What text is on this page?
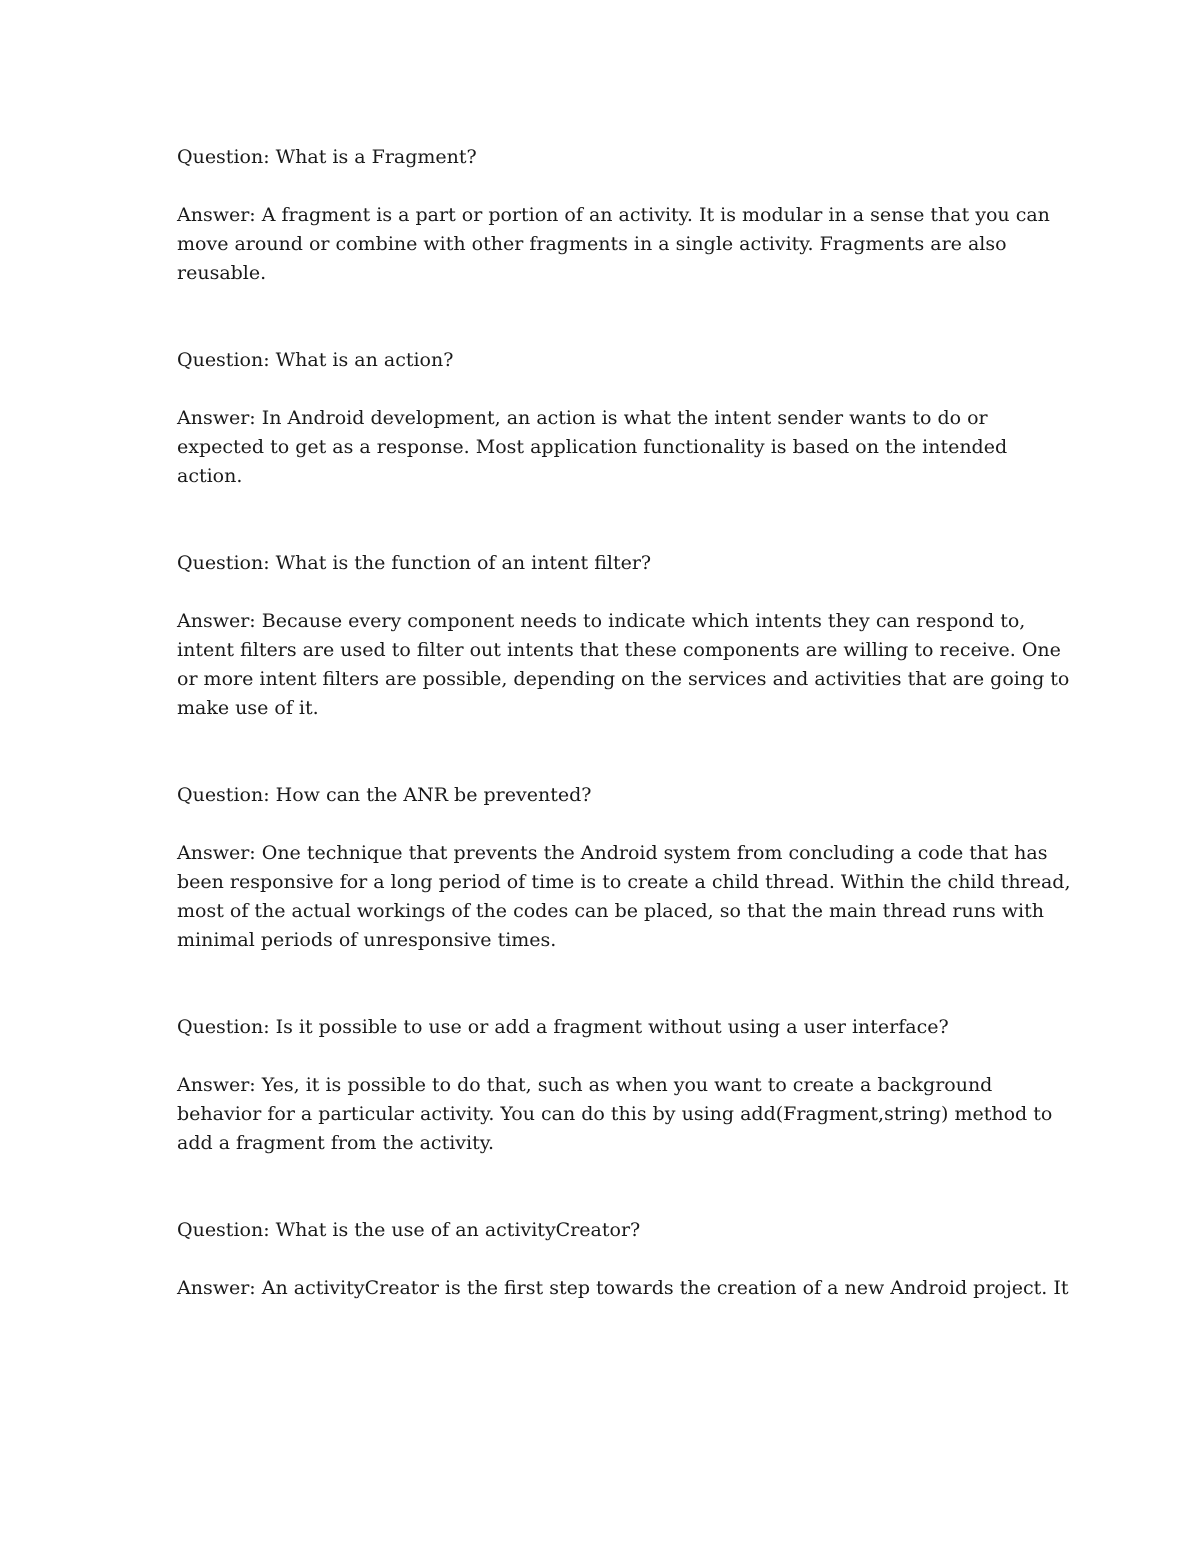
Question: What is a Fragment?

Answer: A fragment is a part or portion of an activity. It is modular in a sense that you can
move around or combine with other fragments in a single activity. Fragments are also
reusable.

Question: What is an action?

Answer: In Android development, an action is what the intent sender wants to do or
expected to get as a response. Most application functionality is based on the intended
action.

Question: What is the function of an intent filter?

Answer: Because every component needs to indicate which intents they can respond to,
intent filters are used to filter out intents that these components are willing to receive. One
or more intent filters are possible, depending on the services and activities that are going to
make use of it.

Question: How can the ANR be prevented?

Answer: One technique that prevents the Android system from concluding a code that has
been responsive for a long period of time is to create a child thread. Within the child thread,
most of the actual workings of the codes can be placed, so that the main thread runs with
minimal periods of unresponsive times.

Question: Is it possible to use or add a fragment without using a user interface?

Answer: Yes, it is possible to do that, such as when you want to create a background
behavior for a particular activity. You can do this by using add(Fragment,string) method to
add a fragment from the activity.

Question: What is the use of an activityCreator?

Answer: An activityCreator is the first step towards the creation of a new Android project. It
